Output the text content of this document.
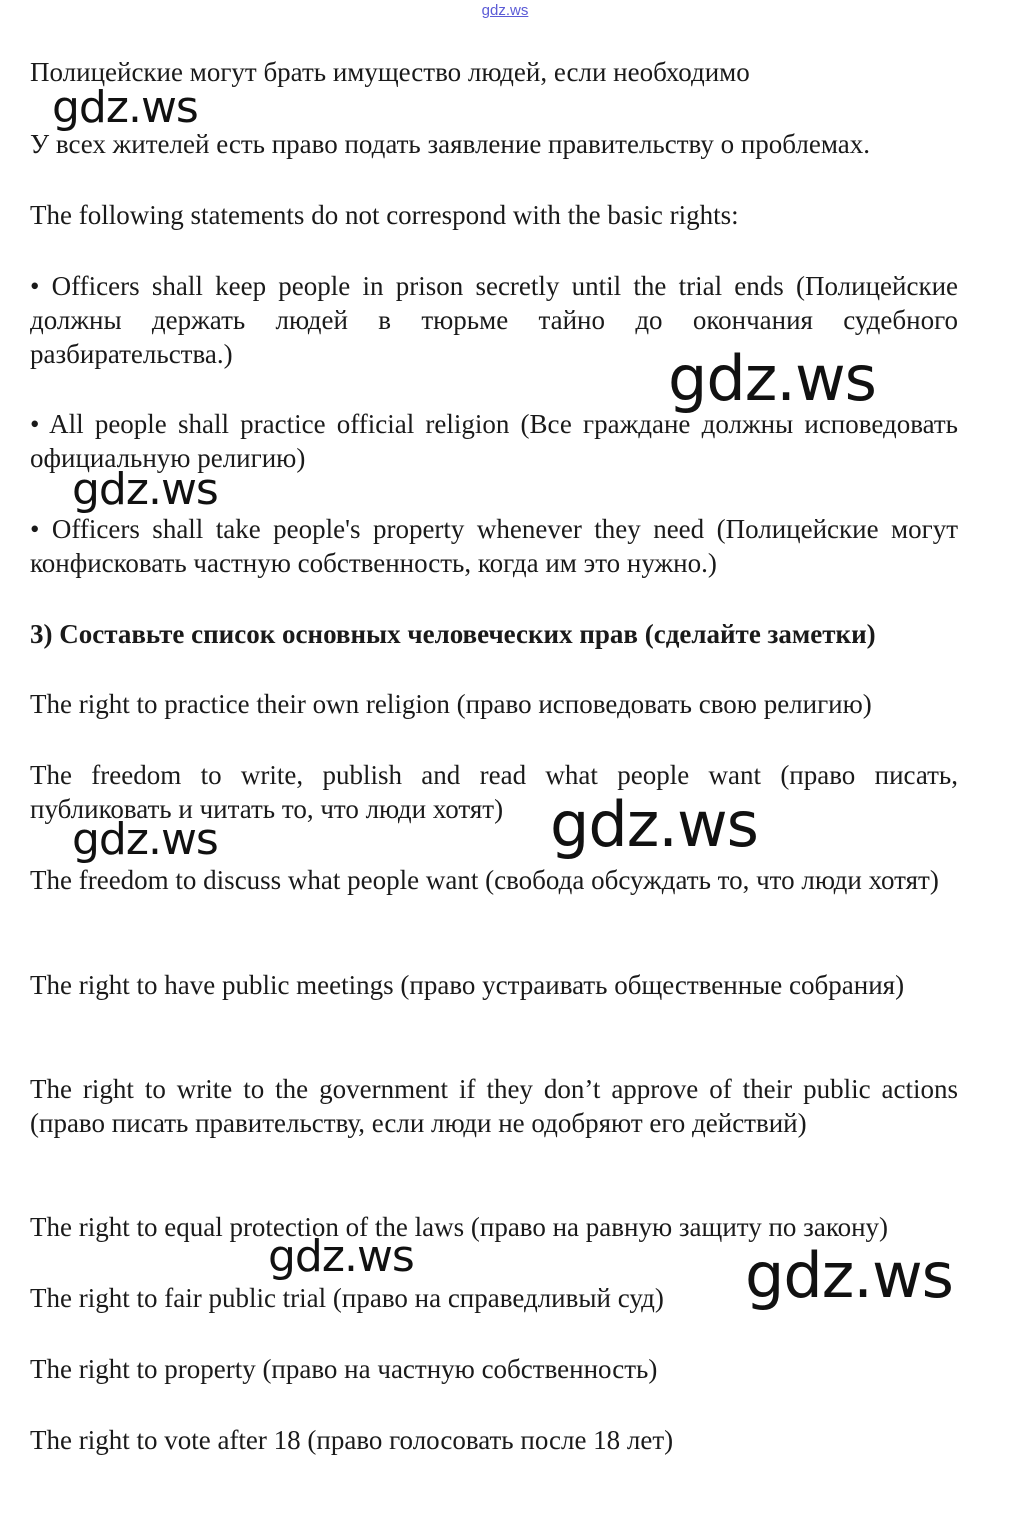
gdz.ws

Полицейские могут брать имущество людей, если необходимо

У всех жителей есть право подать заявление правительству о проблемах.

The following statements do not correspond with the basic rights:

• Officers shall keep people in prison secretly until the trial ends (Полицейские должны держать людей в тюрьме тайно до окончания судебного разбирательства.)

• All people shall practice official religion (Все граждане должны исповедовать официальную религию)

• Officers shall take people's property whenever they need (Полицейские могут конфисковать частную собственность, когда им это нужно.)

3) Составьте список основных человеческих прав (сделайте заметки)

The right to practice their own religion (право исповедовать свою религию)

The freedom to write, publish and read what people want (право писать, публиковать и читать то, что люди хотят)

The freedom to discuss what people want (свобода обсуждать то, что люди хотят)

The right to have public meetings (право устраивать общественные собрания)

The right to write to the government if they don’t approve of their public actions (право писать правительству, если люди не одобряют его действий)

The right to equal protection of the laws (право на равную защиту по закону)

The right to fair public trial (право на справедливый суд)

The right to property (право на частную собственность)

The right to vote after 18 (право голосовать после 18 лет)

gdz.ws
gdz.ws
gdz.ws
gdz.ws
gdz.ws
gdz.ws	gdz.ws
